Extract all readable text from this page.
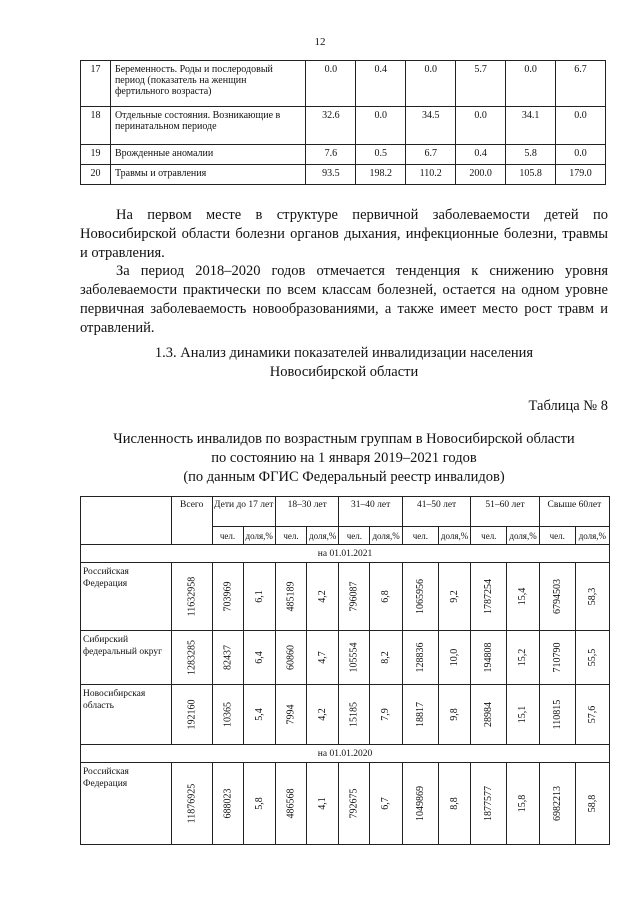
12
17	Беременность. Роды и послеродовый период (показатель на женщин фертильного возраста)	0.0	0.4	0.0	5.7	0.0	6.7
18	Отдельные состояния. Возникающие в перинатальном периоде	32.6	0.0	34.5	0.0	34.1	0.0
19	Врожденные аномалии	7.6	0.5	6.7	0.4	5.8	0.0
20	Травмы и отравления	93.5	198.2	110.2	200.0	105.8	179.0

На первом месте в структуре первичной заболеваемости детей по Новосибирской области болезни органов дыхания, инфекционные болезни, травмы и отравления.

За период 2018–2020 годов отмечается тенденция к снижению уровня заболеваемости практически по всем классам болезней, остается на одном уровне первичная заболеваемость новообразованиями, а также имеет место рост травм и отравлений.

1.3. Анализ динамики показателей инвалидизации населения
Новосибирской области

Таблица № 8

Численность инвалидов по возрастным группам в Новосибирской области
по состоянию на 1 января 2019–2021 годов
(по данным ФГИС Федеральный реестр инвалидов)

	Всего	Дети до 17 лет		18–30 лет		31–40 лет		41–50 лет		51–60 лет		Свыше 60лет	
		чел.	доля,%	чел.	доля,%	чел.	доля,%	чел.	доля,%	чел.	доля,%	чел.	доля,%
на 01.01.2021													
Российская Федерация	11632958	703969	6,1	485189	4,2	796087	6,8	1065956	9,2	1787254	15,4	6794503	58,3

Сибирский федеральный округ	1283285	82437	6,4	60860	4,7	105554	8,2	128836	10,0	194808	15,2	710790	55,5

Новосибирская область	192160	10365	5,4	7994	4,2	15185	7,9	18817	9,8	28984	15,1	110815	57,6

на 01.01.2020													
Российская Федерация	11876925	688023	5,8	486568	4,1	792675	6,7	1049869	8,8	1877577	15,8	6982213	58,8
